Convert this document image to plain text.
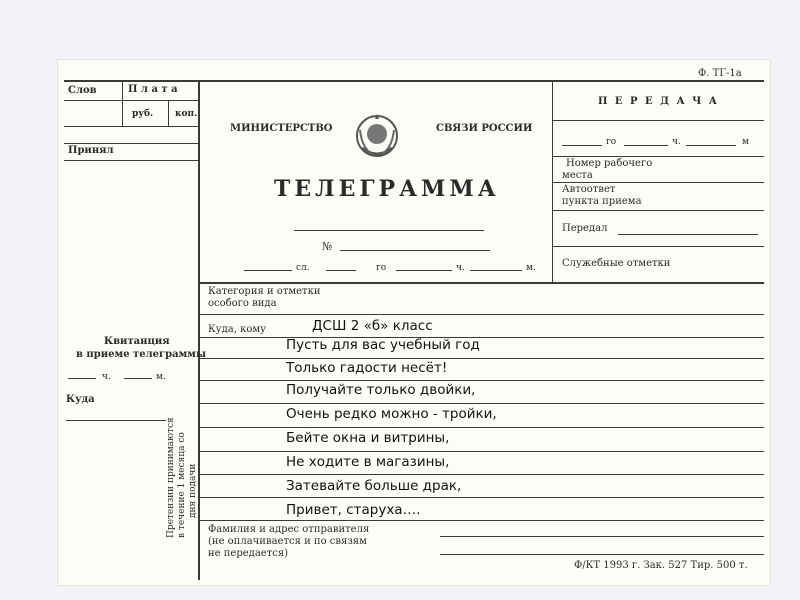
Ф. ТГ-1а
Слов	П л а т а
руб. коп.
Принял
Квитанция
в приеме телеграммы
ч.	м.
Куда
Претензии принимаются в течение 1 месяца со дня подачи
МИНИСТЕРСТВО	СВЯЗИ РОССИИ
ТЕЛЕГРАММА
№
сл.	го	ч.	м.
П Е Р Е Д А Ч А
го	ч.	м
Номер рабочего
места
Автоответ
пункта приема
Передал
Служебные отметки
Категория и отметки
особого вида
Куда, кому	ДСШ 2 «б» класс
Пусть для вас учебный год
Только гадости несёт!
Получайте только двойки,
Очень редко можно - тройки,
Бейте окна и витрины,
Не ходите в магазины,
Затевайте больше драк,
Привет, старуха….
Фамилия и адрес отправителя
(не оплачивается и по связям
не передается)
Ф/КТ 1993 г. Зак. 527 Тир. 500 т.
